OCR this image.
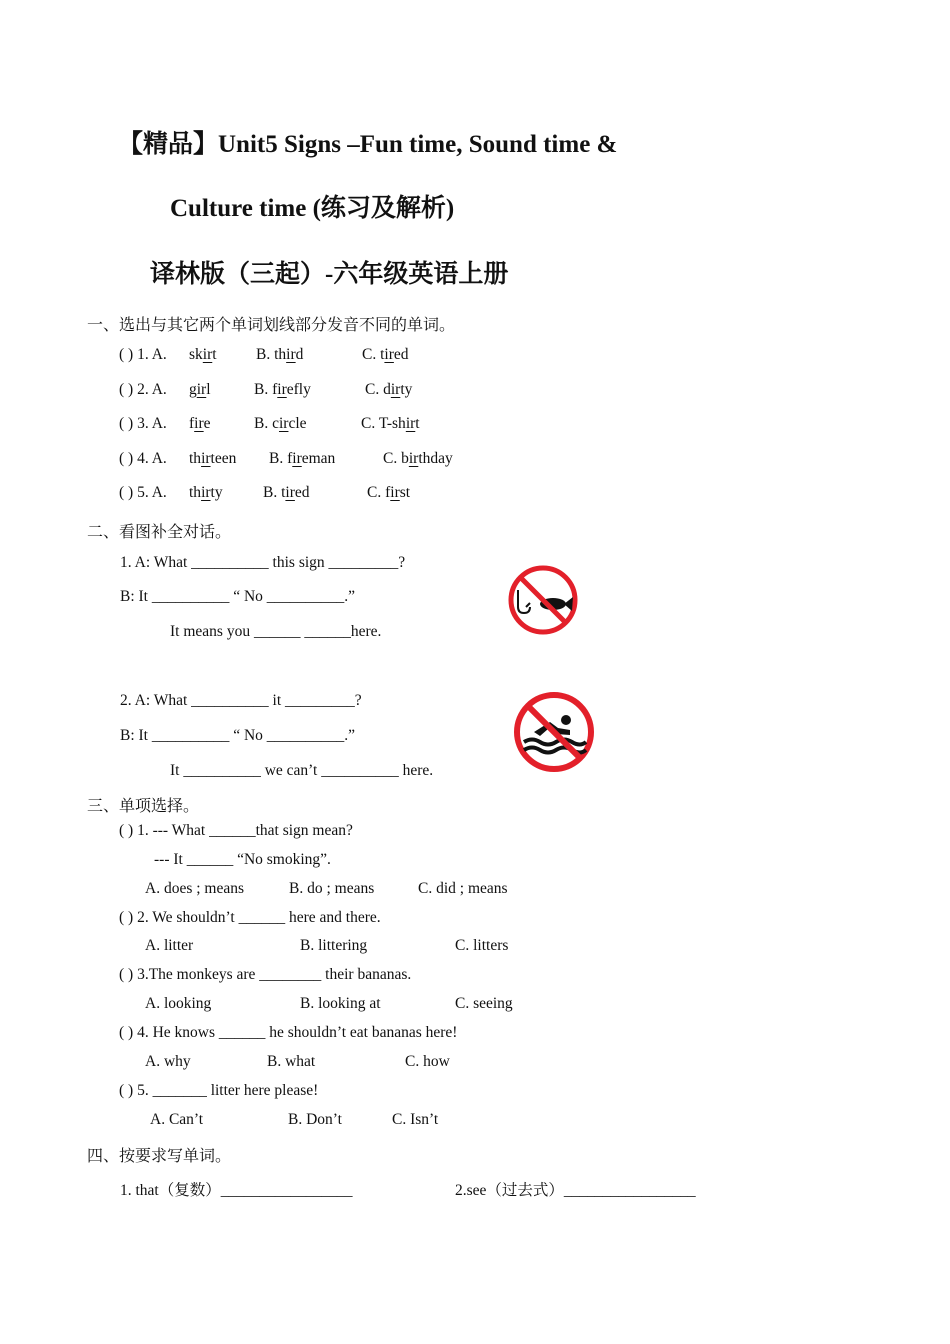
【精品】Unit5 Signs –Fun time, Sound time &
Culture time (练习及解析)
译林版（三起）-六年级英语上册
一、选出与其它两个单词划线部分发音不同的单词。
( ) 1. A. skirt	B. third	C. tired
( ) 2. A. girl	B. firefly	C. dirty
( ) 3. A. fire	B. circle	C. T-shirt
( ) 4. A. thirteen B. fireman	C. birthday
( ) 5. A. thirty	B. tired	C. first
二、看图补全对话。
1. A: What __________ this sign _________?
B: It __________ “ No __________.”
It means you ______ ______here.
2. A: What __________ it _________?
B: It __________ “ No __________.”
It __________ we can’t __________ here.
三、单项选择。
( ) 1. --- What ______that sign mean?
--- It ______ “No smoking”.
A. does ; means	B. do ; means	C. did ; means
( ) 2. We shouldn’t ______ here and there.
A. litter	B. littering	C. litters
( ) 3.The monkeys are ________ their bananas.
A. looking	B. looking at	C. seeing
( ) 4. He knows ______ he shouldn’t eat bananas here!
A. why	B. what	C. how
( ) 5. _______ litter here please!
A. Can’t	B. Don’t	C. Isn’t
四、按要求写单词。
1. that（复数）_________________	2.see（过去式）_________________
